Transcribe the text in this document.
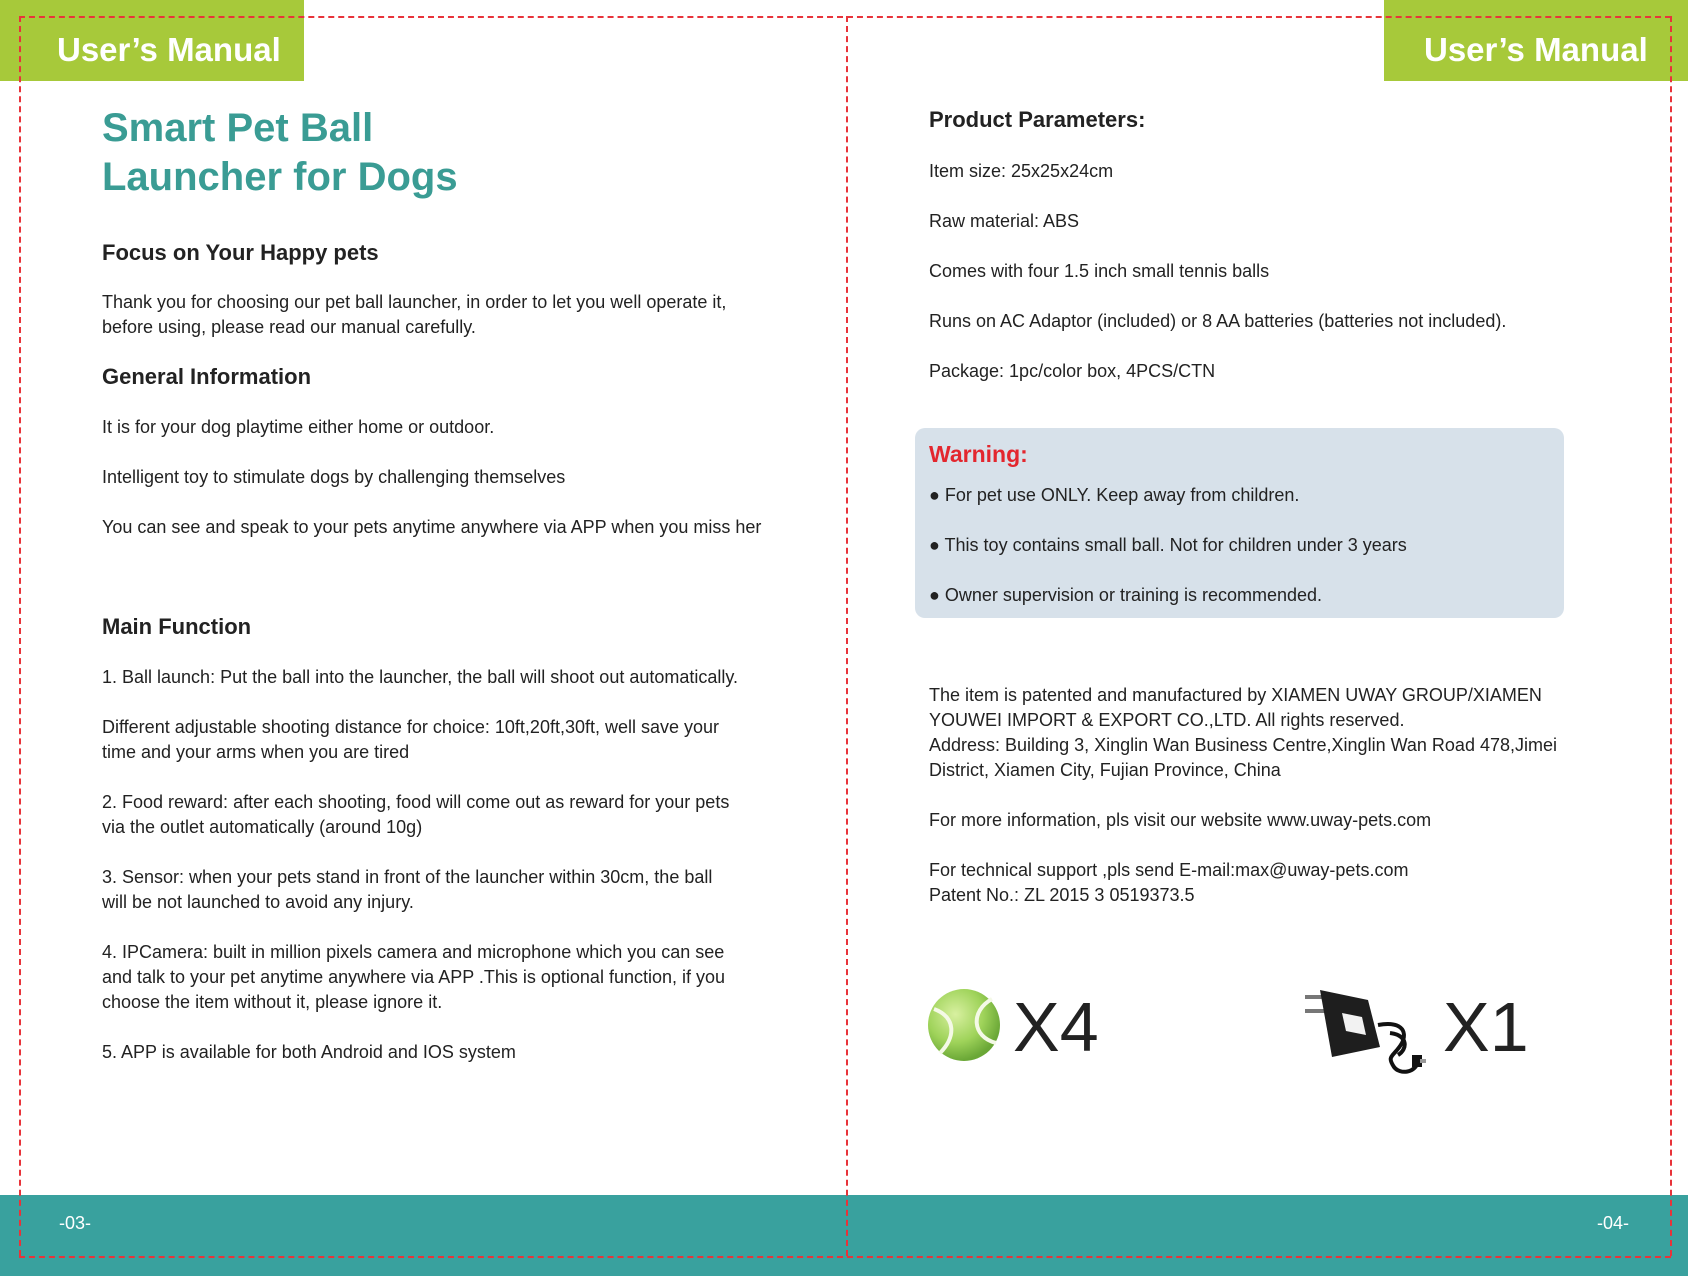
User’s Manual	User’s Manual
-03-	-04-
Smart Pet Ball
Launcher for Dogs
Focus on Your Happy pets
Thank you for choosing our pet ball launcher, in order to let you well operate it,
before using, please read our manual carefully.
General Information
It is for your dog playtime either home or outdoor.
Intelligent toy to stimulate dogs by challenging themselves
You can see and speak to your pets anytime anywhere via APP when you miss her
Main Function
1. Ball launch: Put the ball into the launcher, the ball will shoot out automatically.
Different adjustable shooting distance for choice: 10ft,20ft,30ft, well save your
time and your arms when you are tired
2. Food reward: after each shooting, food will come out as reward for your pets
via the outlet automatically (around 10g)
3. Sensor: when your pets stand in front of the launcher within 30cm, the ball
will be not launched to avoid any injury.
4. IPCamera: built in million pixels camera and microphone which you can see
and talk to your pet anytime anywhere via APP .This is optional function, if you
choose the item without it, please ignore it.
5. APP is available for both Android and IOS system
Product Parameters:
Item size: 25x25x24cm
Raw material: ABS
Comes with four 1.5 inch small tennis balls
Runs on AC Adaptor (included) or 8 AA batteries (batteries not included).
Package: 1pc/color box, 4PCS/CTN
Warning:
● For pet use ONLY. Keep away from children.
● This toy contains small ball. Not for children under 3 years
● Owner supervision or training is recommended.
The item is patented and manufactured by XIAMEN UWAY GROUP/XIAMEN
YOUWEI IMPORT & EXPORT CO.,LTD. All rights reserved.
Address: Building 3, Xinglin Wan Business Centre,Xinglin Wan Road 478,Jimei
District, Xiamen City, Fujian Province, China
For more information, pls visit our website www.uway-pets.com
For technical support ,pls send E-mail:max@uway-pets.com
Patent No.: ZL 2015 3 0519373.5
X4	X1
